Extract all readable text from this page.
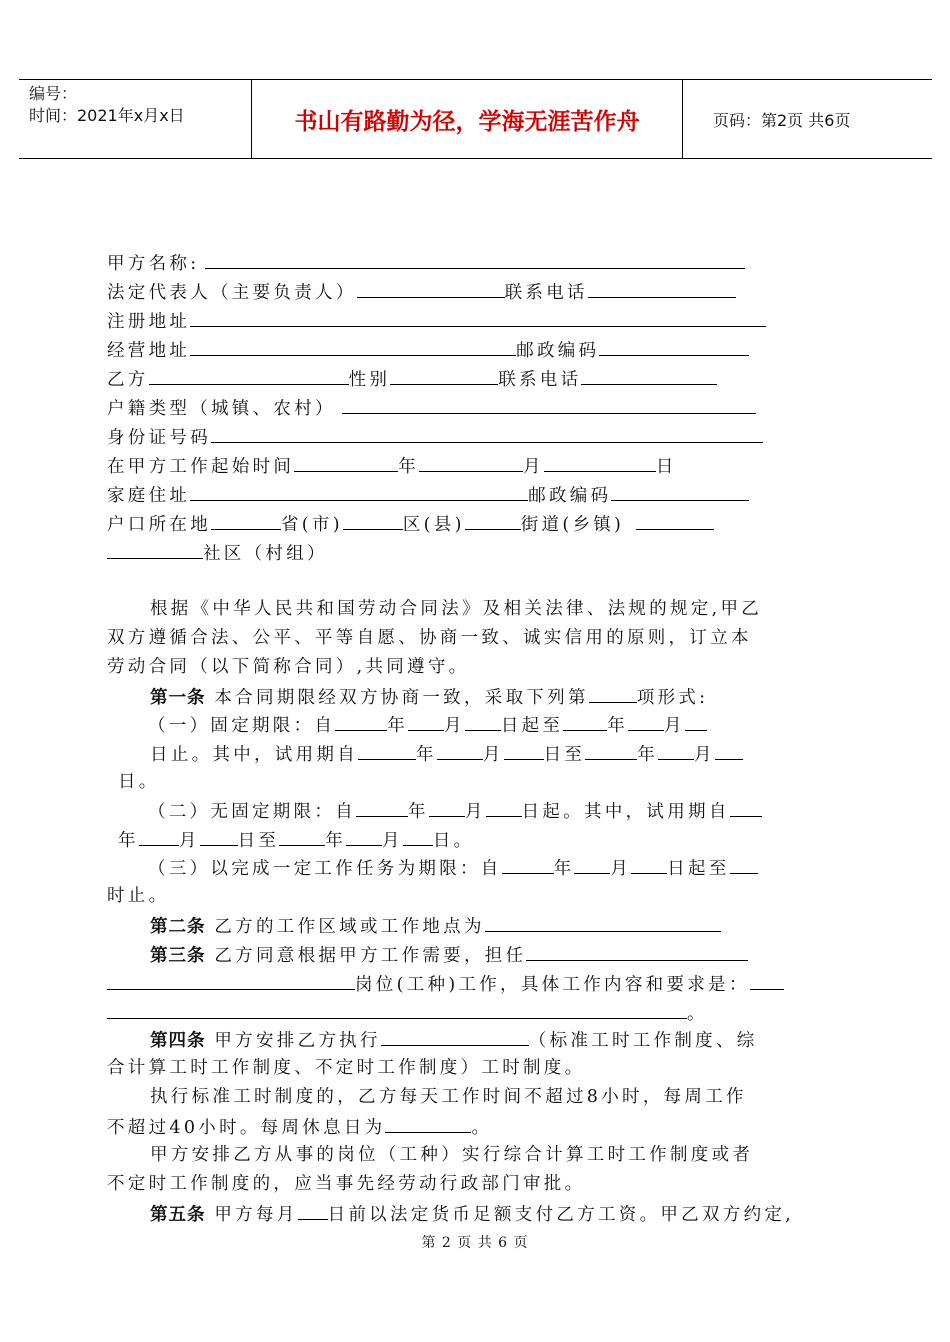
编号：
时间：2021年x月x日	书山有路勤为径，学海无涯苦作舟	页码：第2页 共6页
甲方名称:
法定代表人（主要负责人）	联系电话
注册地址
经营地址	邮政编码
乙方	性别	联系电话
户籍类型（城镇、农村）
身份证号码
在甲方工作起始时间	年	月	日
家庭住址	邮政编码
户口所在地	省(市)	区(县)	街道(乡镇)
社区（村组）
根据《中华人民共和国劳动合同法》及相关法律、法规的规定,甲乙
双方遵循合法、公平、平等自愿、协商一致、诚实信用的原则，订立本
劳动合同（以下简称合同）,共同遵守。
第一条 本合同期限经双方协商一致，采取下列第	项形式:
（一）固定期限：自	年 月 日起至	年 月
日止。其中，试用期自	年	月 日至	年 月
日。
（二）无固定期限：自	年 月 日起。其中，试用期自
年 月 日至	年 月 日。
（三）以完成一定工作任务为期限：自	年 月 日起至
时止。
第二条 乙方的工作区域或工作地点为
第三条 乙方同意根据甲方工作需要，担任
岗位(工种)工作，具体工作内容和要求是：
。
第四条 甲方安排乙方执行	（标准工时工作制度、综
合计算工时工作制度、不定时工作制度）工时制度。
执行标准工时制度的，乙方每天工作时间不超过8小时，每周工作
不超过40小时。每周休息日为	。
甲方安排乙方从事的岗位（工种）实行综合计算工时工作制度或者
不定时工作制度的，应当事先经劳动行政部门审批。
第五条 甲方每月 日前以法定货币足额支付乙方工资。甲乙双方约定,
第 2 页 共 6 页
